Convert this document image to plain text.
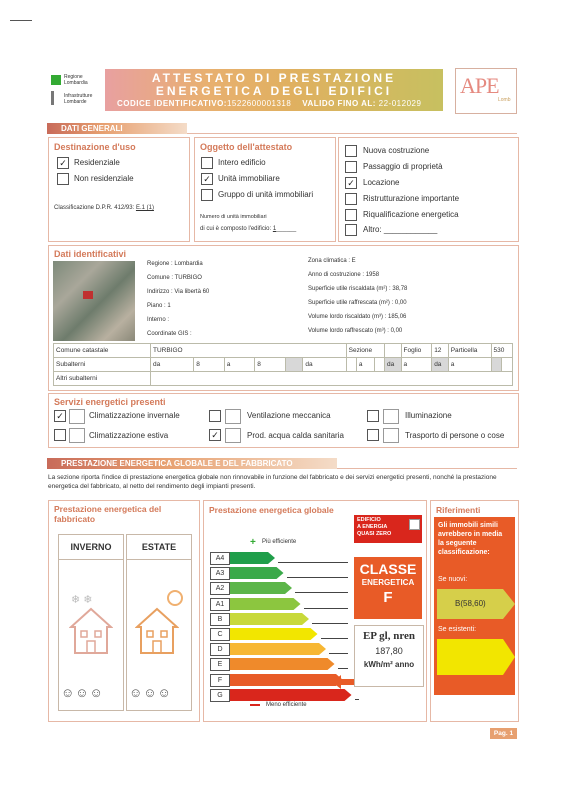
Regione
Lombardia
Infrastrutture
Lombarde
ATTESTATO DI PRESTAZIONE
ENERGETICA DEGLI EDIFICI
CODICE IDENTIFICATIVO:1522600001318 VALIDO FINO AL: 22-012029
APE
Lomb
DATI GENERALI
Destinazione d'uso
✓ Residenziale
Non residenziale
Classificazione D.P.R. 412/93: E.1 (1)
Oggetto dell'attestato
Intero edificio
✓ Unità immobiliare
Gruppo di unità immobiliari
Numero di unità immobiliari
di cui è composto l'edificio: 1______
Nuova costruzione
Passaggio di proprietà
✓ Locazione
Ristrutturazione importante
Riqualificazione energetica
Altro: ____________
Dati identificativi
Regione : Lombardia
Comune : TURBIGO
Indirizzo : Via libertà 60
Piano : 1
Interno :
Coordinate GIS :
Zona climatica : E
Anno di costruzione : 1958
Superficie utile riscaldata (m²) : 38,78
Superficie utile raffrescata (m²) : 0,00
Volume lordo riscaldato (m³) : 185,06
Volume lordo raffrescato (m³) : 0,00
Comune catastale	TURBIGO						Sezione				Foglio	12	Particella	530	
Subalterni	da	8	a	8		da		a		da	a	da	a		
Altri subalterni															
Servizi energetici presenti
✓	Climatizzazione invernale
Climatizzazione estiva
Ventilazione meccanica
✓	Prod. acqua calda sanitaria
Illuminazione
Trasporto di persone o cose
PRESTAZIONE ENERGETICA GLOBALE E DEL FABBRICATO
La sezione riporta l'indice di prestazione energetica globale non rinnovabile in funzione del fabbricato e dei servizi energetici presenti, nonché la prestazione energetica del fabbricato, al netto del rendimento degli impianti presenti.
Prestazione energetica del
fabbricato
INVERNO
❄ ❄
☺☺☺
ESTATE
☺☺☺
Prestazione energetica globale
+ Più efficiente
A4
A3
A2
A1
B
C
D
E
F
G
Meno efficiente
EDIFICIO
A ENERGIA
QUASI ZERO
CLASSE
ENERGETICA
F
EP gl, nren
187,80
kWh/m² anno
Riferimenti
Gli immobili simili
avrebbero in media
la seguente
classificazione:
Se nuovi:
B(58,60)
Se esistenti:
Pag. 1
